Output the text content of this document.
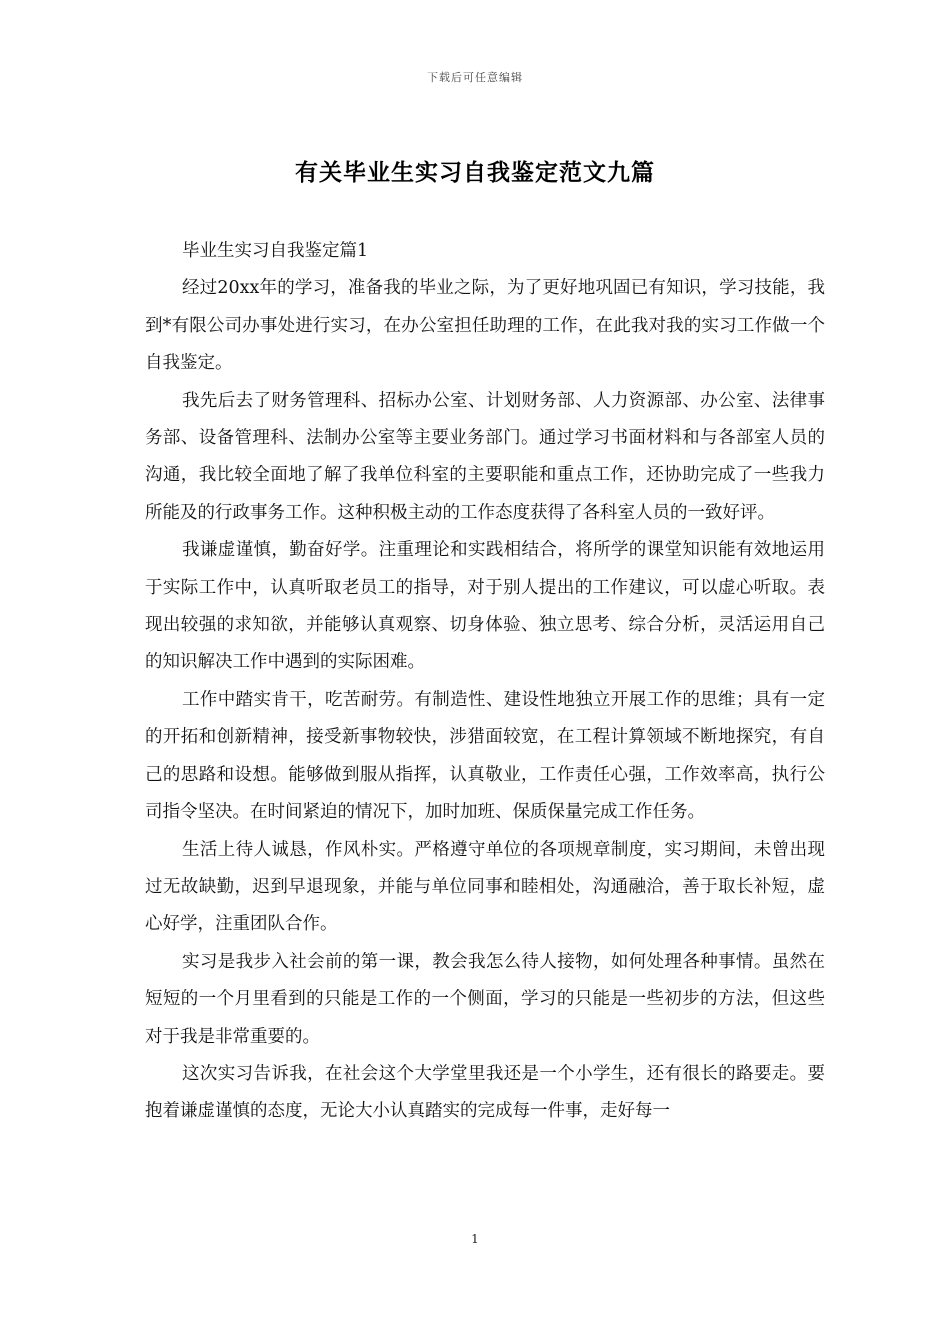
下载后可任意编辑
有关毕业生实习自我鉴定范文九篇

毕业生实习自我鉴定篇1

经过20xx年的学习，准备我的毕业之际，为了更好地巩固已有知识，学习技能，我到*有限公司办事处进行实习，在办公室担任助理的工作，在此我对我的实习工作做一个自我鉴定。

我先后去了财务管理科、招标办公室、计划财务部、人力资源部、办公室、法律事务部、设备管理科、法制办公室等主要业务部门。通过学习书面材料和与各部室人员的沟通，我比较全面地了解了我单位科室的主要职能和重点工作，还协助完成了一些我力所能及的行政事务工作。这种积极主动的工作态度获得了各科室人员的一致好评。

我谦虚谨慎，勤奋好学。注重理论和实践相结合，将所学的课堂知识能有效地运用于实际工作中，认真听取老员工的指导，对于别人提出的工作建议，可以虚心听取。表现出较强的求知欲，并能够认真观察、切身体验、独立思考、综合分析，灵活运用自己的知识解决工作中遇到的实际困难。

工作中踏实肯干，吃苦耐劳。有制造性、建设性地独立开展工作的思维；具有一定的开拓和创新精神，接受新事物较快，涉猎面较宽，在工程计算领域不断地探究，有自己的思路和设想。能够做到服从指挥，认真敬业，工作责任心强，工作效率高，执行公司指令坚决。在时间紧迫的情况下，加时加班、保质保量完成工作任务。

生活上待人诚恳，作风朴实。严格遵守单位的各项规章制度，实习期间，未曾出现过无故缺勤，迟到早退现象，并能与单位同事和睦相处，沟通融洽，善于取长补短，虚心好学，注重团队合作。

实习是我步入社会前的第一课，教会我怎么待人接物，如何处理各种事情。虽然在短短的一个月里看到的只能是工作的一个侧面，学习的只能是一些初步的方法，但这些对于我是非常重要的。

这次实习告诉我，在社会这个大学堂里我还是一个小学生，还有很长的路要走。要抱着谦虚谨慎的态度，无论大小认真踏实的完成每一件事，走好每一

1
